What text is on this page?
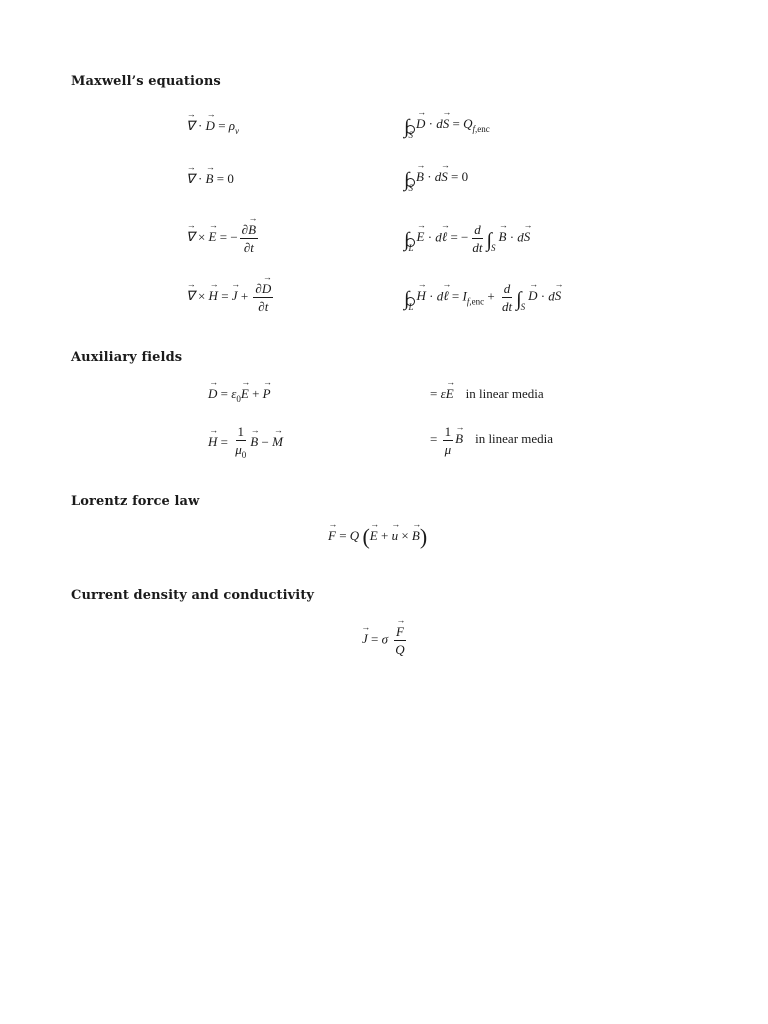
Maxwell’s equations
→ ∇ · → $D = \rho_v$	$\int_S\to D \cdot d\to S = Q_{f,enc}$
→ ∇ · → B = 0	$\int_S\to B \cdot d\to S = 0$
→ ∇ × → E = − $\frac{\partial\to B}{\partial t}$	$\int_L\to E \cdot d\to$ ℓ = − $\frac{d}{dt} \int_S\to B \cdot d\to S$
→ ∇ × → H = → $J + \frac{\partial\to D}{\partial t}$	$\int_L\to H \cdot d\to$ ℓ = $I_{f,enc} + \frac{d}{dt} \int_S\to D \cdot d\to S$
Auxiliary fields
→ $D = \varepsilon_0\to E$ + → P	= ε→ E in linear media
→ $H = \frac{1}{\mu_0}$
→ B − → M	= $\frac{1}{\mu}$
→ B in linear media
Lorentz force law
→ F = Q (→ E + → u × → B)
Current density and conductivity
→ J = σ
→ $\frac{F}{Q}$
